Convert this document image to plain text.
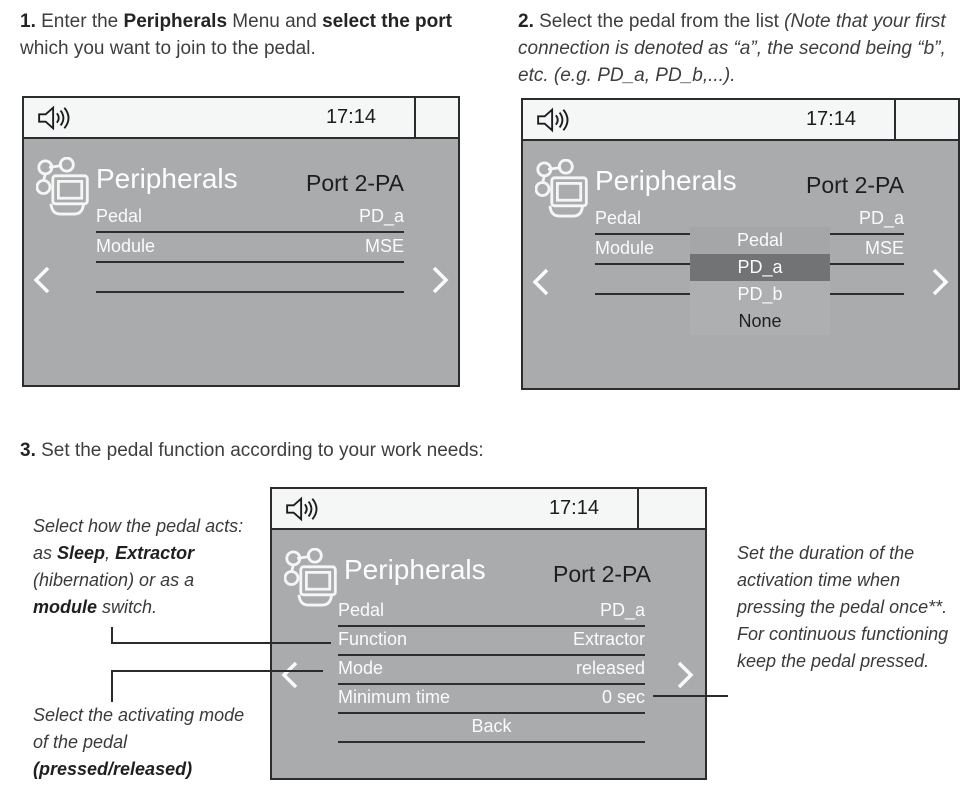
1. Enter the Peripherals Menu and select the port which you want to join to the pedal.
2. Select the pedal from the list (Note that your first connection is denoted as “a”, the second being “b”, etc. (e.g. PD_a, PD_b,...).
17:14
Peripherals	Port 2-PA
Pedal	PD_a
Module	MSE
17:14
Peripherals	Port 2-PA
Pedal	PD_a
Module	MSE
Pedal
PD_a
PD_b
None
3. Set the pedal function according to your work needs:
17:14
Peripherals	Port 2-PA
Pedal	PD_a
Function	Extractor
Mode	released
Minimum time	0 sec
Back
Select how the pedal acts: as Sleep, Extractor (hibernation) or as a module switch.
Select the activating mode of the pedal (pressed/released)
Set the duration of the activation time when pressing the pedal once**. For continuous functioning keep the pedal pressed.
